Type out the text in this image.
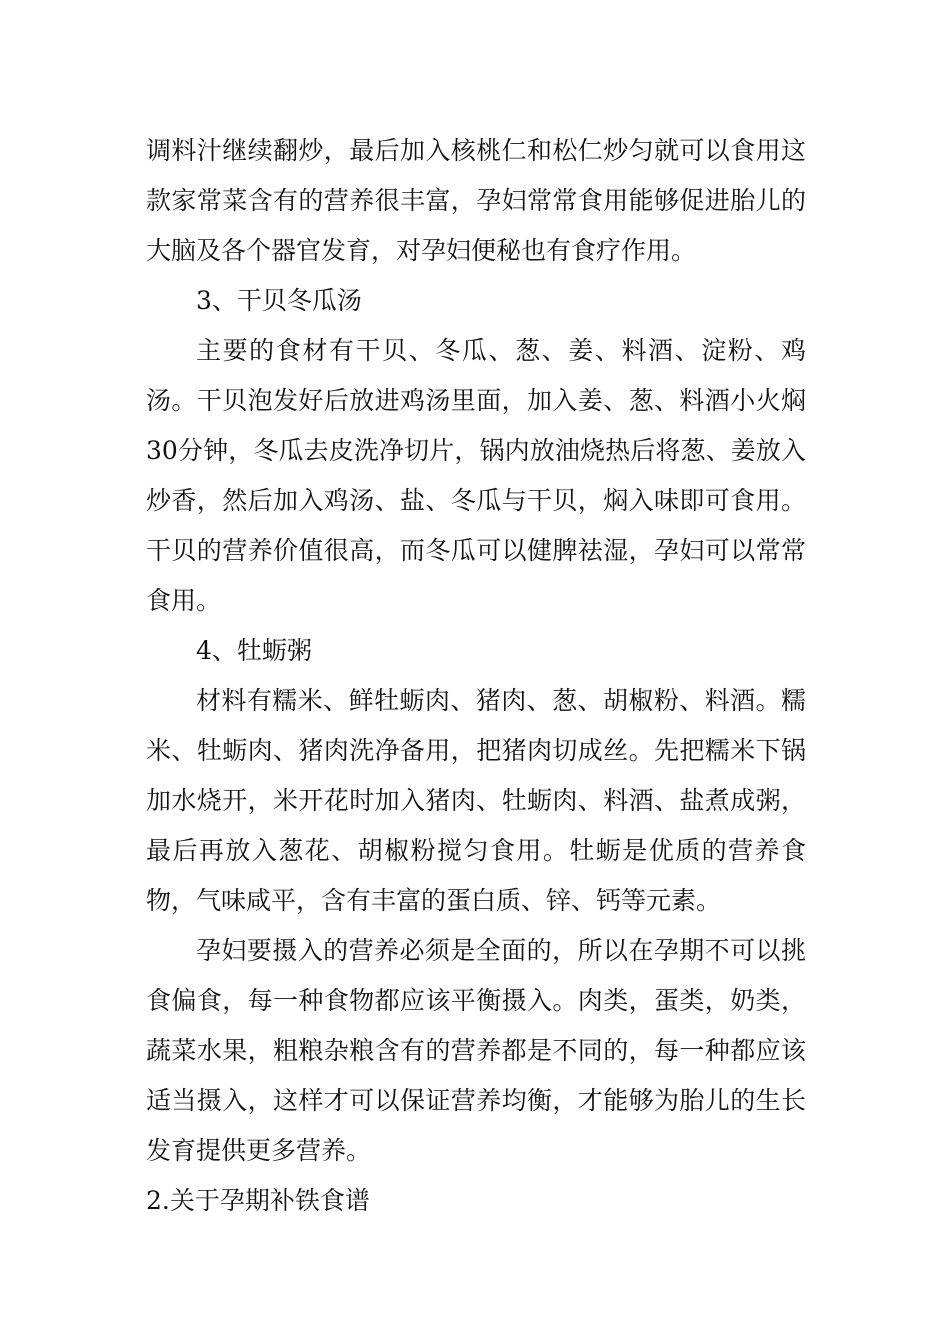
调料汁继续翻炒，最后加入核桃仁和松仁炒匀就可以食用这款家常菜含有的营养很丰富，孕妇常常食用能够促进胎儿的大脑及各个器官发育，对孕妇便秘也有食疗作用。

3、干贝冬瓜汤

主要的食材有干贝、冬瓜、葱、姜、料酒、淀粉、鸡汤。干贝泡发好后放进鸡汤里面，加入姜、葱、料酒小火焖30分钟，冬瓜去皮洗净切片，锅内放油烧热后将葱、姜放入炒香，然后加入鸡汤、盐、冬瓜与干贝，焖入味即可食用。干贝的营养价值很高，而冬瓜可以健脾祛湿，孕妇可以常常食用。

4、牡蛎粥

材料有糯米、鲜牡蛎肉、猪肉、葱、胡椒粉、料酒。糯米、牡蛎肉、猪肉洗净备用，把猪肉切成丝。先把糯米下锅加水烧开，米开花时加入猪肉、牡蛎肉、料酒、盐煮成粥，最后再放入葱花、胡椒粉搅匀食用。牡蛎是优质的营养食物，气味咸平，含有丰富的蛋白质、锌、钙等元素。

孕妇要摄入的营养必须是全面的，所以在孕期不可以挑食偏食，每一种食物都应该平衡摄入。肉类，蛋类，奶类，蔬菜水果，粗粮杂粮含有的营养都是不同的，每一种都应该适当摄入，这样才可以保证营养均衡，才能够为胎儿的生长发育提供更多营养。

2.关于孕期补铁食谱
